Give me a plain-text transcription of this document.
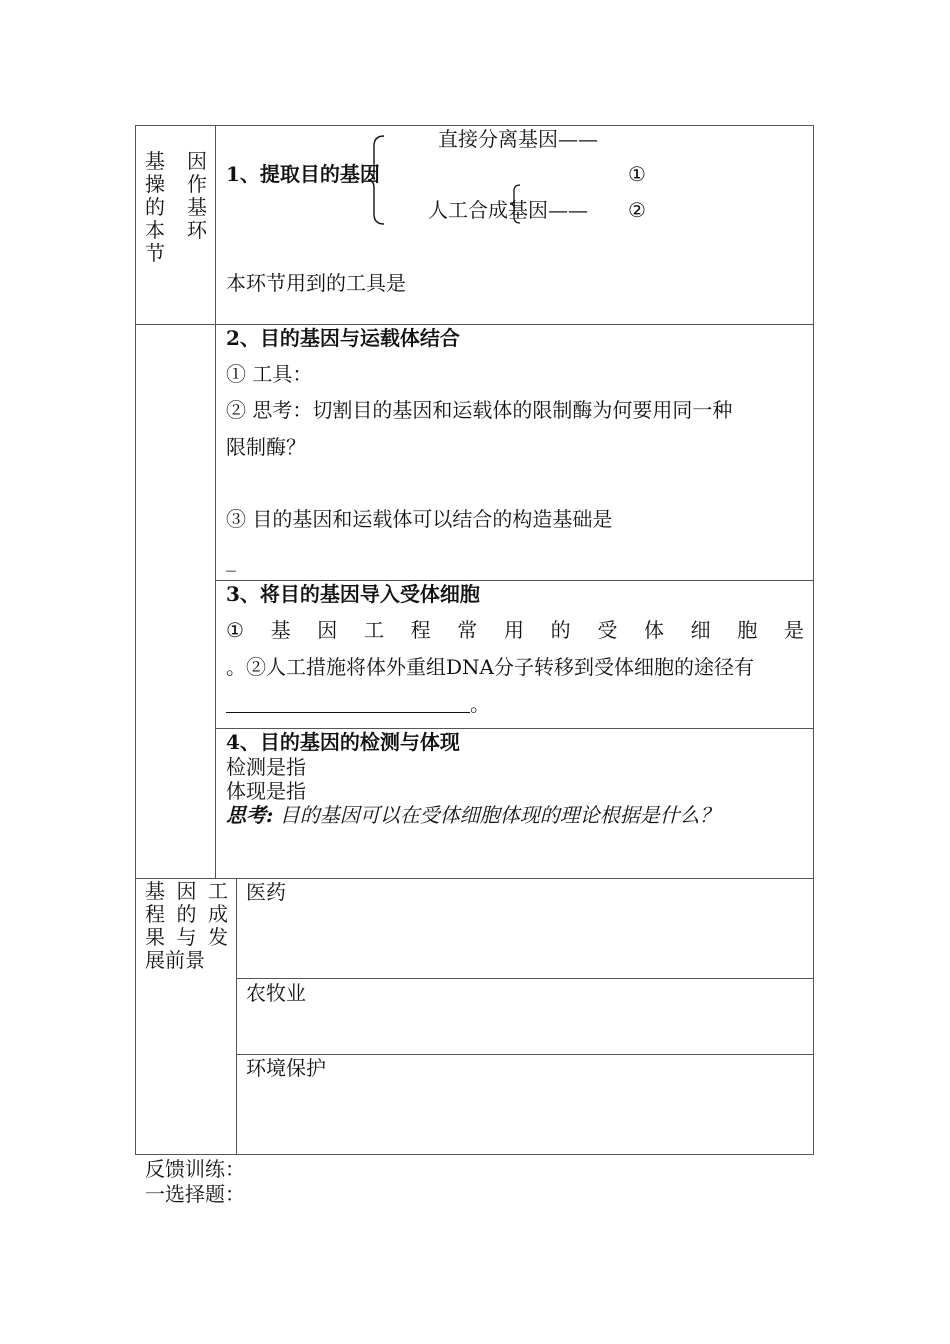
基 因
操 作
的 基
本 环
节
直接分离基因——
1、提取目的基因	①
人工合成基因—— ②
本环节用到的工具是
2、目的基因与运载体结合
① 工具：
② 思考：切割目的基因和运载体的限制酶为何要用同一种
限制酶？
③ 目的基因和运载体可以结合的构造基础是
_
3、将目的基因导入受体细胞
① 基 因 工 程 常 用 的 受 体 细 胞 是
。②人工措施将体外重组DNA分子转移到受体细胞的途径有
。
4、目的基因的检测与体现
检测是指
体现是指
思考: 目的基因可以在受体细胞体现的理论根据是什么？
基 因 工
程 的 成
果 与 发
展 前 景
医药
农牧业
环境保护
反馈训练：
一选择题：
